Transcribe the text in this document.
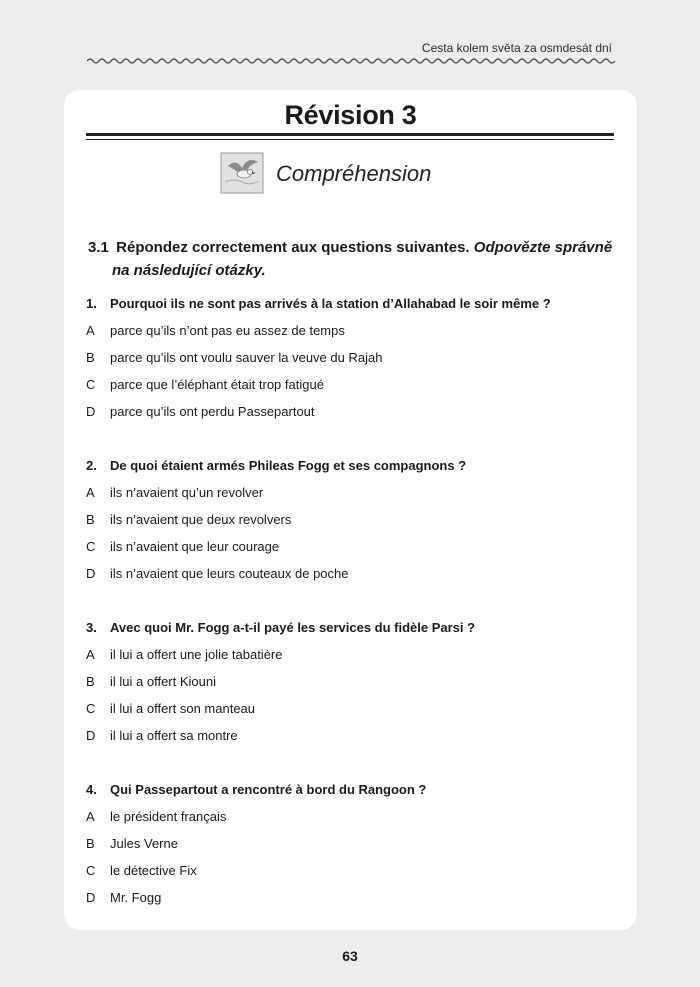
Cesta kolem světa za osmdesát dní
Révision 3
Compréhension
3.1 Répondez correctement aux questions suivantes. Odpovězte správně
na následující otázky.
1. Pourquoi ils ne sont pas arrivés à la station d’Allahabad le soir même ?
A parce qu’ils n’ont pas eu assez de temps
B parce qu’ils ont voulu sauver la veuve du Rajah
C parce que l’éléphant était trop fatigué
D parce qu’ils ont perdu Passepartout
2. De quoi étaient armés Phileas Fogg et ses compagnons ?
A ils n’avaient qu’un revolver
B ils n’avaient que deux revolvers
C ils n’avaient que leur courage
D ils n’avaient que leurs couteaux de poche
3. Avec quoi Mr. Fogg a-t-il payé les services du fidèle Parsi ?
A il lui a offert une jolie tabatière
B il lui a offert Kiouni
C il lui a offert son manteau
D il lui a offert sa montre
4. Qui Passepartout a rencontré à bord du Rangoon ?
A le président français
B Jules Verne
C le détective Fix
D Mr. Fogg
63
